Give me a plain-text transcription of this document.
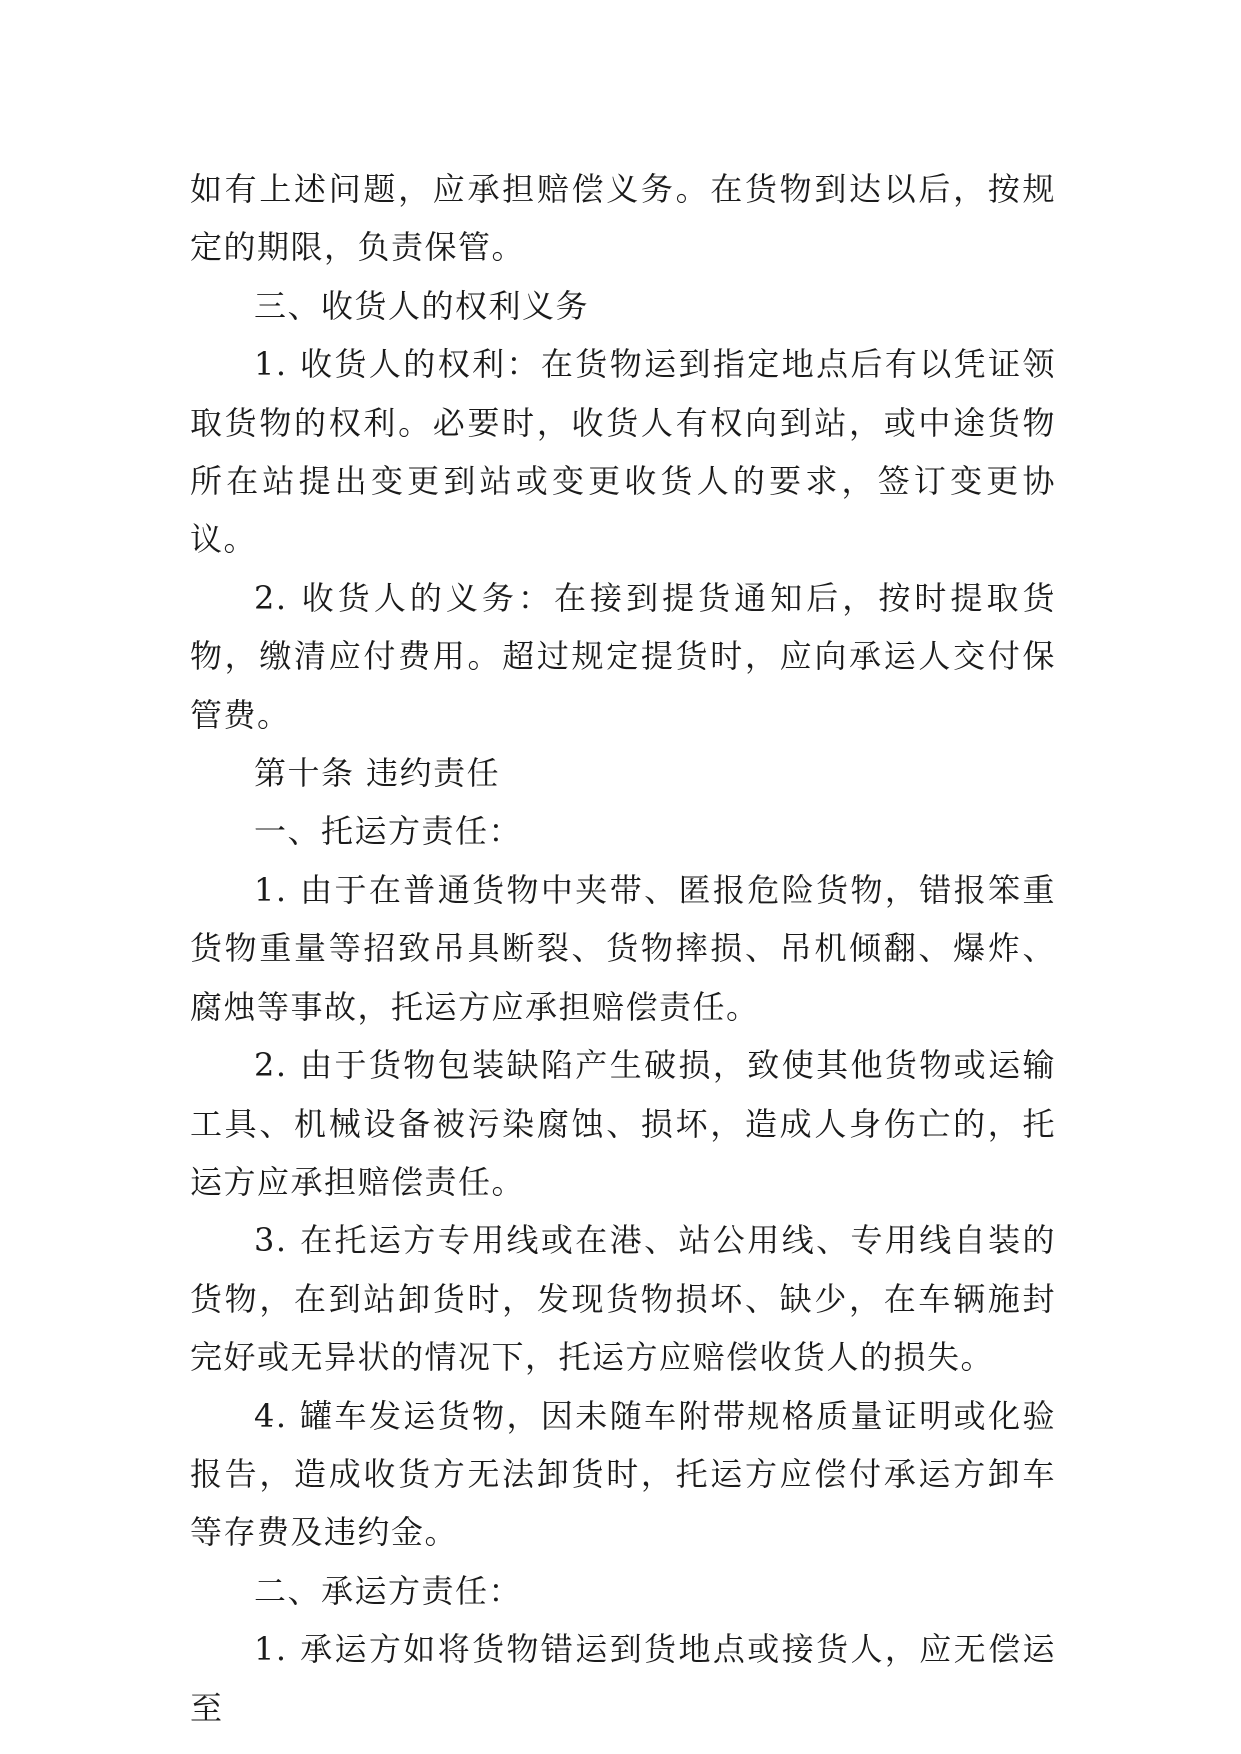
如有上述问题，应承担赔偿义务。在货物到达以后，按规定的期限，负责保管。

三、收货人的权利义务

1. 收货人的权利：在货物运到指定地点后有以凭证领取货物的权利。必要时，收货人有权向到站，或中途货物所在站提出变更到站或变更收货人的要求，签订变更协议。

2. 收货人的义务：在接到提货通知后，按时提取货物，缴清应付费用。超过规定提货时，应向承运人交付保管费。

第十条 违约责任

一、托运方责任：

1. 由于在普通货物中夹带、匿报危险货物，错报笨重货物重量等招致吊具断裂、货物摔损、吊机倾翻、爆炸、腐烛等事故，托运方应承担赔偿责任。

2. 由于货物包装缺陷产生破损，致使其他货物或运输工具、机械设备被污染腐蚀、损坏，造成人身伤亡的，托运方应承担赔偿责任。

3. 在托运方专用线或在港、站公用线、专用线自装的货物，在到站卸货时，发现货物损坏、缺少，在车辆施封完好或无异状的情况下，托运方应赔偿收货人的损失。

4. 罐车发运货物，因未随车附带规格质量证明或化验报告，造成收货方无法卸货时，托运方应偿付承运方卸车等存费及违约金。

二、承运方责任：

1. 承运方如将货物错运到货地点或接货人，应无偿运至
